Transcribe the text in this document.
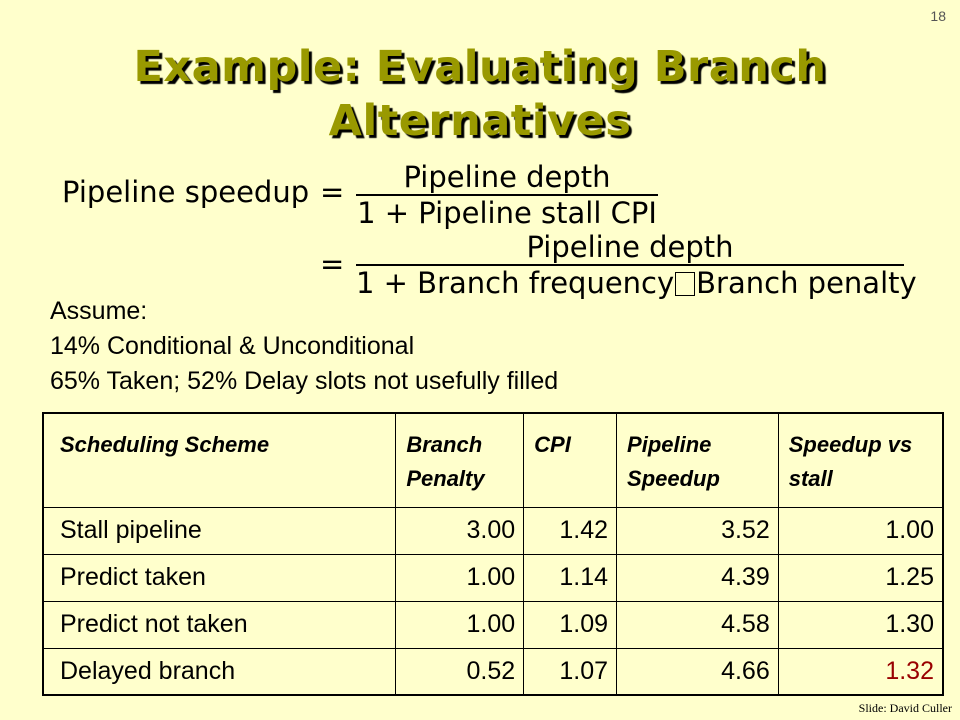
18
Example: Evaluating Branch
Alternatives
Pipeline speedup =	Pipeline depth
1 + Pipeline stall CPI
=	Pipeline depth
1 + Branch frequency Branch penalty
Assume:
14% Conditional & Unconditional
65% Taken; 52% Delay slots not usefully filled
Scheduling Scheme	Branch Penalty	CPI	Pipeline Speedup	Speedup vs stall
Stall pipeline	3.00	1.42	3.52	1.00
Predict taken	1.00	1.14	4.39	1.25
Predict not taken	1.00	1.09	4.58	1.30
Delayed branch	0.52	1.07	4.66	1.32
Slide: David Culler
